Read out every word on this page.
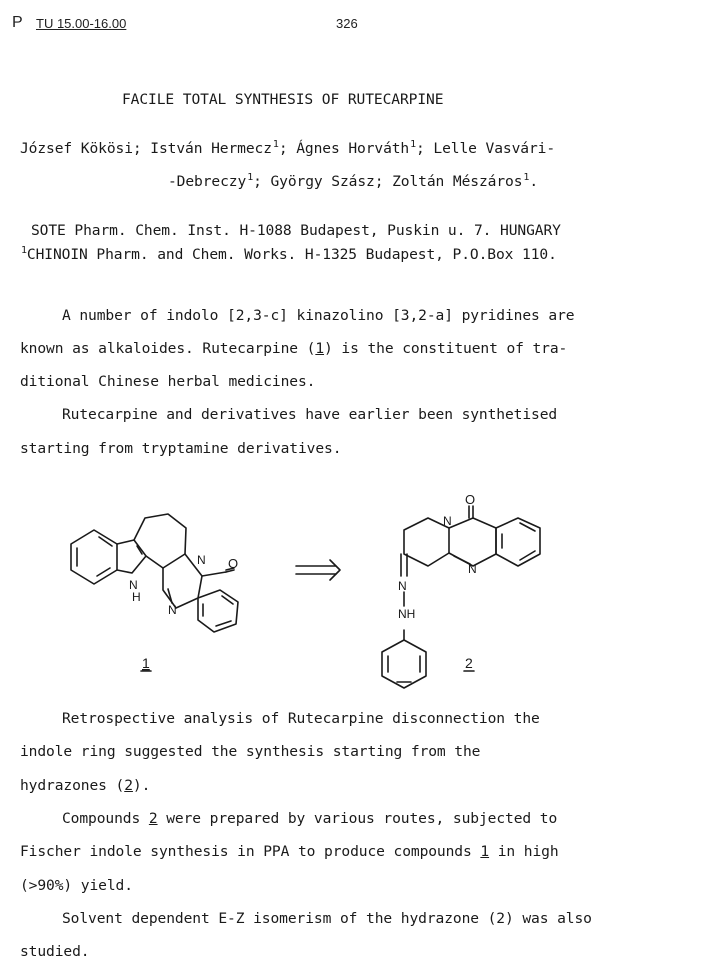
P TU 15.00-16.00	326
FACILE TOTAL SYNTHESIS OF RUTECARPINE
József Kökösi; István Hermecz$^1$; Ágnes Horváth$^1$; Lelle Vasvári-
-Debreczy$^1$; György Szász; Zoltán Mészáros$^1$.
SOTE Pharm. Chem. Inst. H-1088 Budapest, Puskin u. 7. HUNGARY
$^1$CHINOIN Pharm. and Chem. Works. H-1325 Budapest, P.O.Box 110.
A number of indolo [2,3-c] kinazolino [3,2-a] pyridines are
known as alkaloides. Rutecarpine (1) is the constituent of tra-
ditional Chinese herbal medicines.
Rutecarpine and derivatives have earlier been synthetised
starting from tryptamine derivatives.
N O
N
H
N
1
O
N
N
N
NH
2
Retrospective analysis of Rutecarpine disconnection the
indole ring suggested the synthesis starting from the
hydrazones (2).
Compounds 2 were prepared by various routes, subjected to
Fischer indole synthesis in PPA to produce compounds 1 in high
(>90%) yield.
Solvent dependent E-Z isomerism of the hydrazone (2) was also
studied.
